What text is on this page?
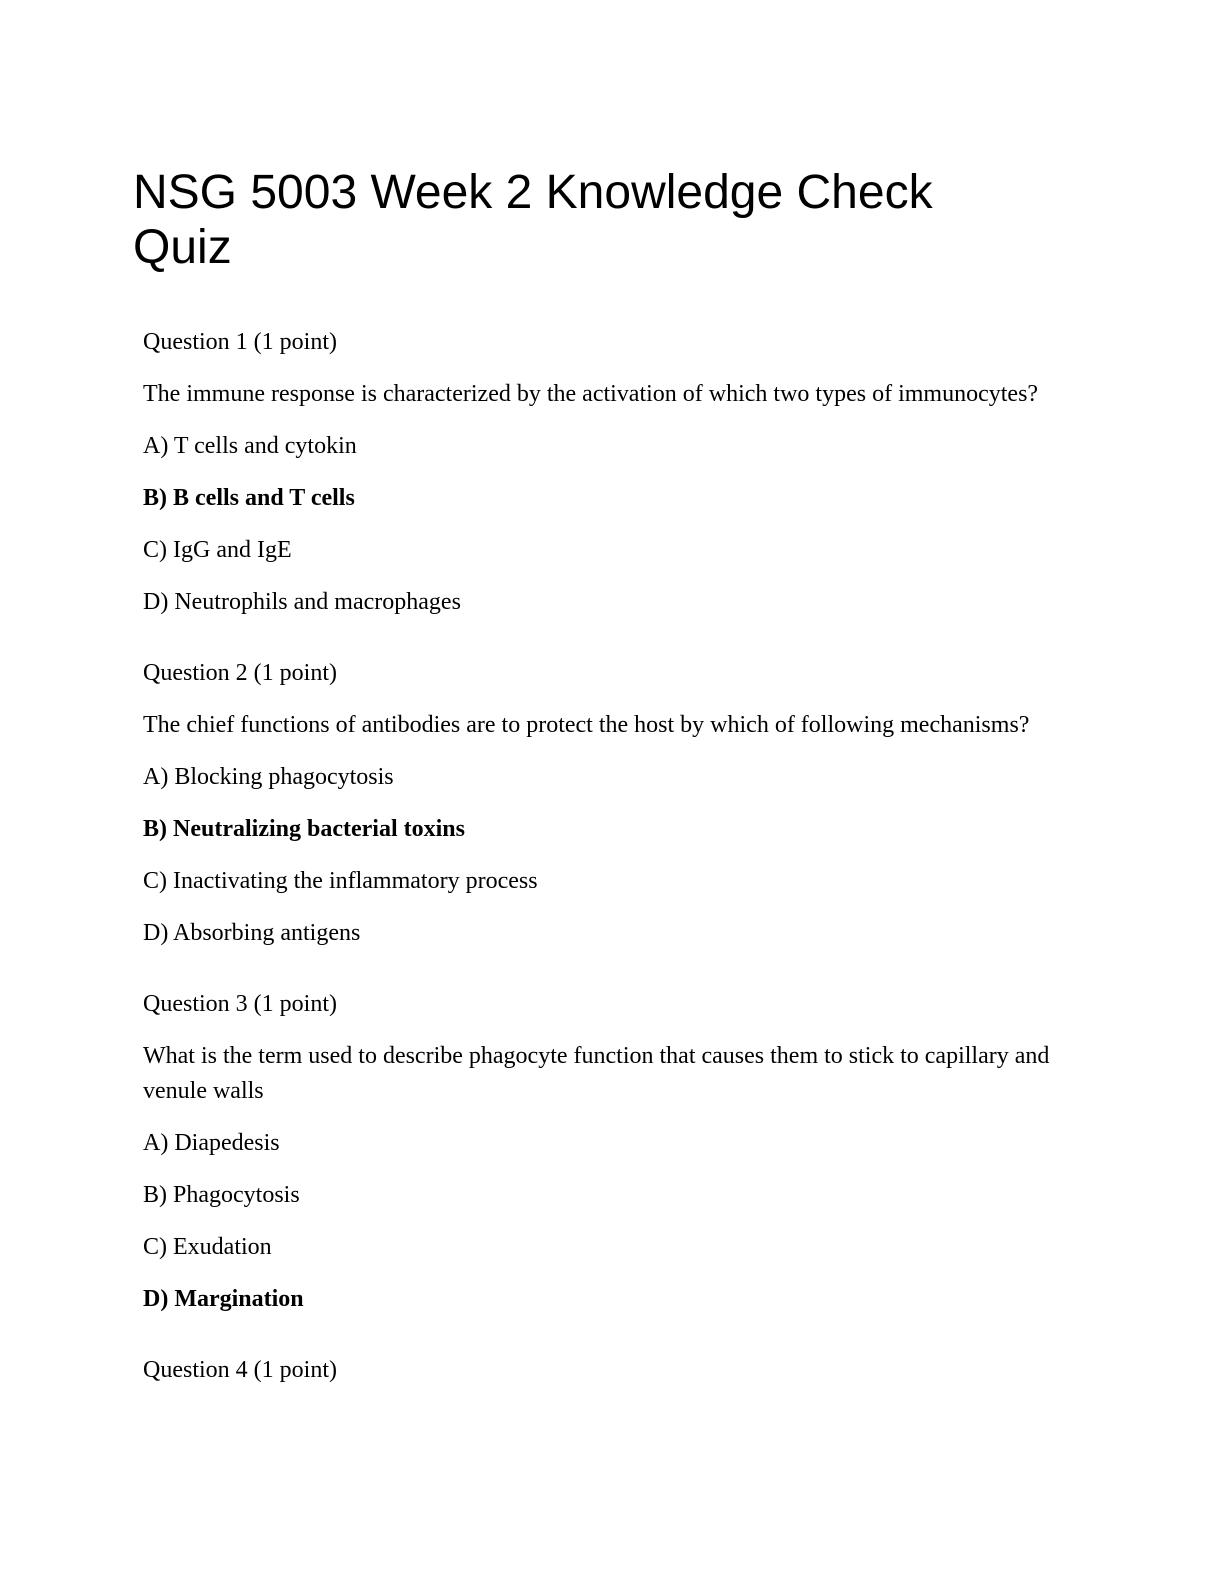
NSG 5003 Week 2 Knowledge Check Quiz

Question 1 (1 point)

The immune response is characterized by the activation of which two types of immunocytes?

A) T cells and cytokin

B) B cells and T cells

C) IgG and IgE

D) Neutrophils and macrophages

Question 2 (1 point)

The chief functions of antibodies are to protect the host by which of following mechanisms?

A) Blocking phagocytosis

B) Neutralizing bacterial toxins

C) Inactivating the inflammatory process

D) Absorbing antigens

Question 3 (1 point)

What is the term used to describe phagocyte function that causes them to stick to capillary and venule walls

A) Diapedesis

B) Phagocytosis

C) Exudation

D) Margination

Question 4 (1 point)
